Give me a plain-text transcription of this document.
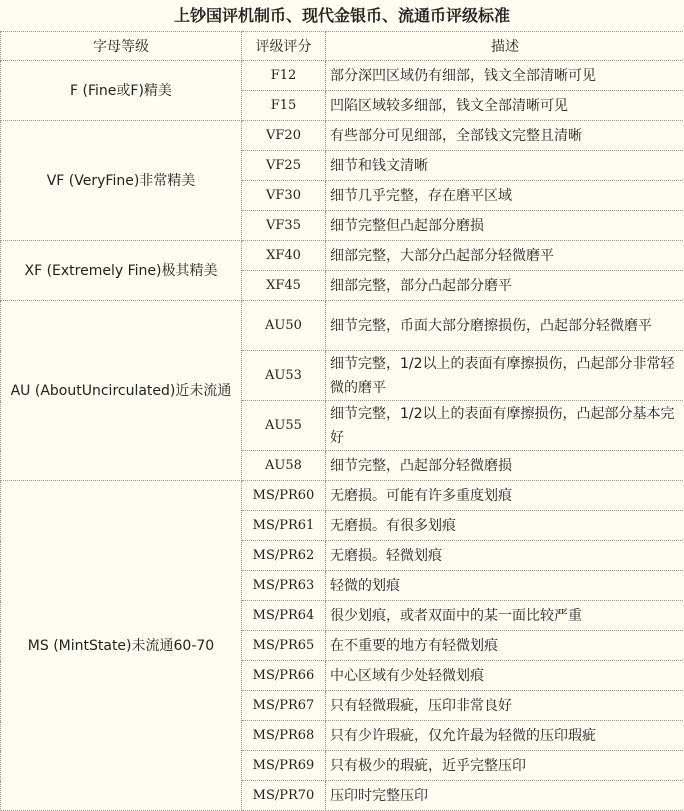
上钞国评机制币、现代金银币、流通币评级标准
字母等级	评级评分	描述
F (Fine或F)精美	F12	部分深凹区域仍有细部，钱文全部清晰可见
	F15	凹陷区域较多细部，钱文全部清晰可见
VF (VeryFine)非常精美	VF20	有些部分可见细部，全部钱文完整且清晰
	VF25	细节和钱文清晰
	VF30	细节几乎完整，存在磨平区域
	VF35	细节完整但凸起部分磨损
XF (Extremely Fine)极其精美	XF40	细部完整，大部分凸起部分轻微磨平
	XF45	细部完整，部分凸起部分磨平
AU (AboutUncirculated)近未流通	AU50	细节完整，币面大部分磨擦损伤，凸起部分轻微磨平
	AU53	细节完整，1/2以上的表面有摩擦损伤，凸起部分非常轻微的磨平
	AU55	细节完整，1/2以上的表面有摩擦损伤，凸起部分基本完好
	AU58	细节完整，凸起部分轻微磨损
MS (MintState)未流通60-70	MS/PR60	无磨损。可能有许多重度划痕
	MS/PR61	无磨损。有很多划痕
	MS/PR62	无磨损。轻微划痕
	MS/PR63	轻微的划痕
	MS/PR64	很少划痕，或者双面中的某一面比较严重
	MS/PR65	在不重要的地方有轻微划痕
	MS/PR66	中心区域有少处轻微划痕
	MS/PR67	只有轻微瑕疵，压印非常良好
	MS/PR68	只有少许瑕疵，仅允许最为轻微的压印瑕疵
	MS/PR69	只有极少的瑕疵，近乎完整压印
	MS/PR70	压印时完整压印
